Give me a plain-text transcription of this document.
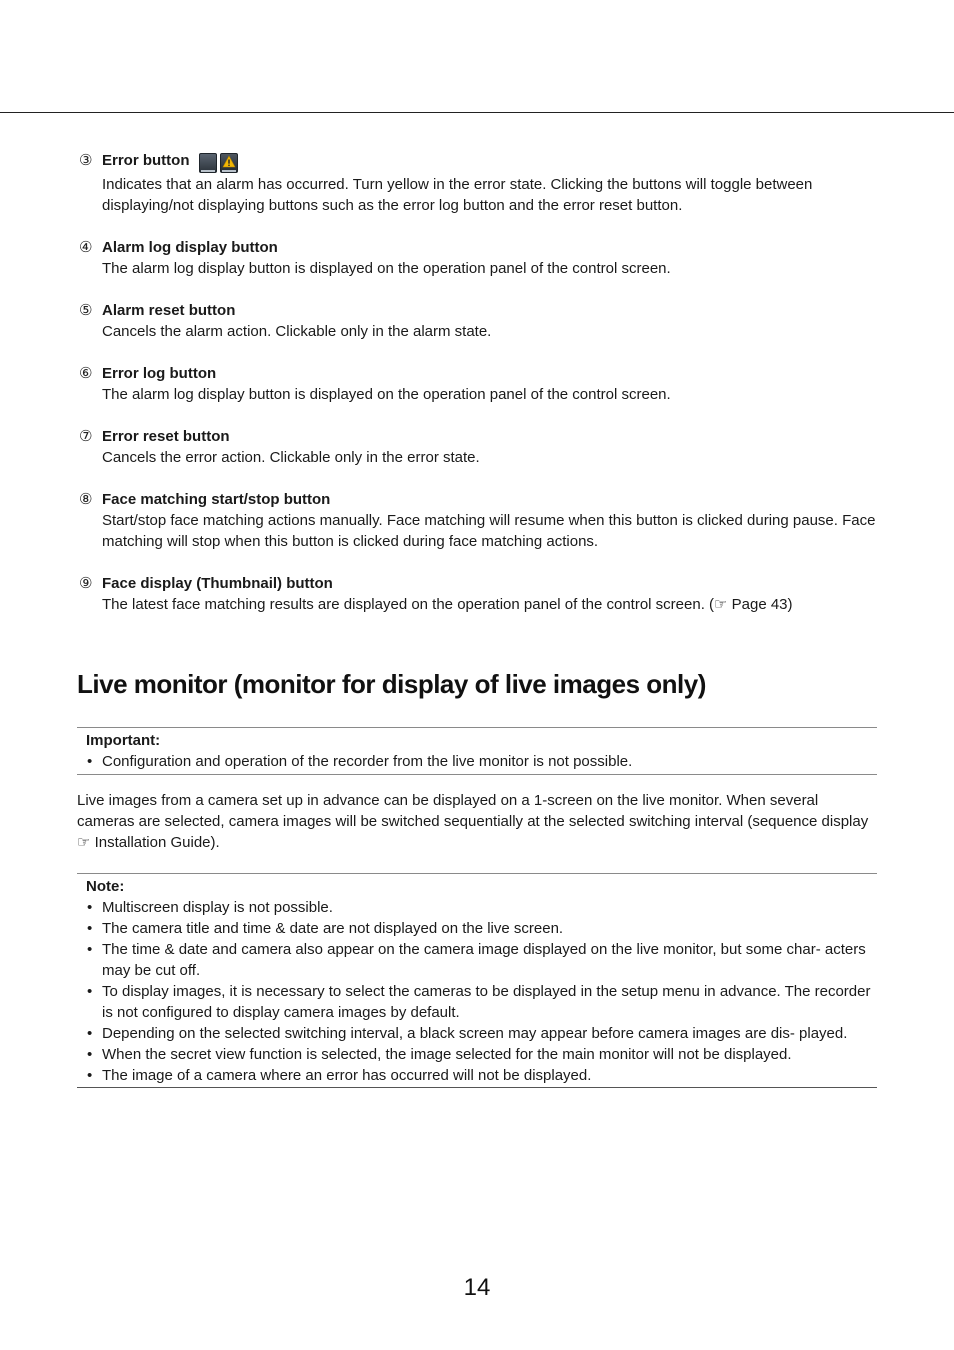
③ Error button
Indicates that an alarm has occurred. Turn yellow in the error state. Clicking the buttons will toggle between displaying/not displaying buttons such as the error log button and the error reset button.
④ Alarm log display button
The alarm log display button is displayed on the operation panel of the control screen.
⑤ Alarm reset button
Cancels the alarm action. Clickable only in the alarm state.
⑥ Error log button
The alarm log display button is displayed on the operation panel of the control screen.
⑦ Error reset button
Cancels the error action. Clickable only in the error state.
⑧ Face matching start/stop button
Start/stop face matching actions manually. Face matching will resume when this button is clicked during pause. Face matching will stop when this button is clicked during face matching actions.
⑨ Face display (Thumbnail) button
The latest face matching results are displayed on the operation panel of the control screen. (☞ Page 43)
Live monitor (monitor for display of live images only)
Important:
• Configuration and operation of the recorder from the live monitor is not possible.

Live images from a camera set up in advance can be displayed on a 1-screen on the live monitor. When several cameras are selected, camera images will be switched sequentially at the selected switching interval (sequence display ☞ Installation Guide).

Note:
• Multiscreen display is not possible.
• The camera title and time & date are not displayed on the live screen.
• The time & date and camera also appear on the camera image displayed on the live monitor, but some char- acters may be cut off.
• To display images, it is necessary to select the cameras to be displayed in the setup menu in advance. The recorder is not configured to display camera images by default.
• Depending on the selected switching interval, a black screen may appear before camera images are dis- played.
• When the secret view function is selected, the image selected for the main monitor will not be displayed.
• The image of a camera where an error has occurred will not be displayed.
14
